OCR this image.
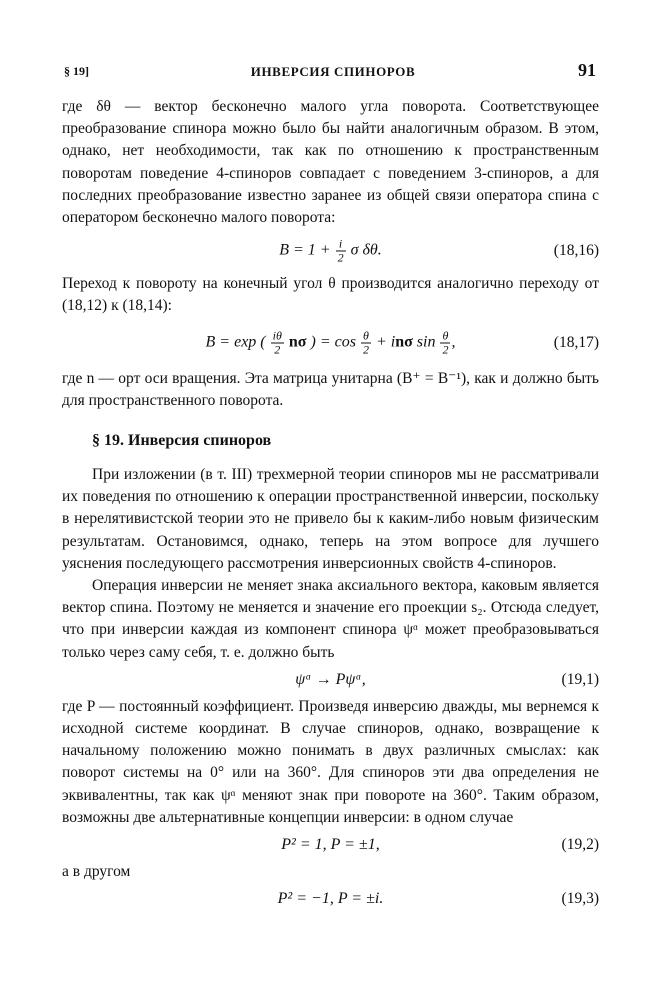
§ 19]	ИНВЕРСИЯ СПИНОРОВ	91

где δθ — вектор бесконечно малого угла поворота. Соответствующее преобразование спинора можно было бы найти аналогичным образом. В этом, однако, нет необходимости, так как по отношению к пространственным поворотам поведение 4-спиноров совпадает с поведением 3-спиноров, а для последних преобразование известно заранее из общей связи оператора спина с оператором бесконечно малого поворота:

$B = 1 + \frac{i}{2}$ σ δθ.	(18,16)

Переход к повороту на конечный угол θ производится аналогично переходу от (18,12) к (18,14):

B = exp ( $\frac{i\theta}{2}$ nσ ) = $\cos \frac{\theta}{2} + in\sigma$ $\sin \frac{\theta}{2}$ ,	(18,17)

где n — орт оси вращения. Эта матрица унитарна (B⁺ = B⁻¹), как и должно быть для пространственного поворота.

§ 19. Инверсия спиноров

При изложении (в т. III) трехмерной теории спиноров мы не рассматривали их поведения по отношению к операции пространственной инверсии, поскольку в нерелятивистской теории это не привело бы к каким-либо новым физическим результатам. Остановимся, однако, теперь на этом вопросе для лучшего уяснения последующего рассмотрения инверсионных свойств 4-спиноров.

Операция инверсии не меняет знака аксиального вектора, каковым является вектор спина. Поэтому не меняется и значение его проекции s₂. Отсюда следует, что при инверсии каждая из компонент спинора ψᵅ может преобразовываться только через саму себя, т. е. должно быть

ψᵅ → Pψᵅ,	(19,1)

где P — постоянный коэффициент. Произведя инверсию дважды, мы вернемся к исходной системе координат. В случае спиноров, однако, возвращение к начальному положению можно понимать в двух различных смыслах: как поворот системы на 0° или на 360°. Для спиноров эти два определения не эквивалентны, так как ψᵅ меняют знак при повороте на 360°. Таким образом, возможны две альтернативные концепции инверсии: в одном случае

P² = 1, P = ±1,	(19,2)

а в другом

P² = −1, P = ±i.	(19,3)
